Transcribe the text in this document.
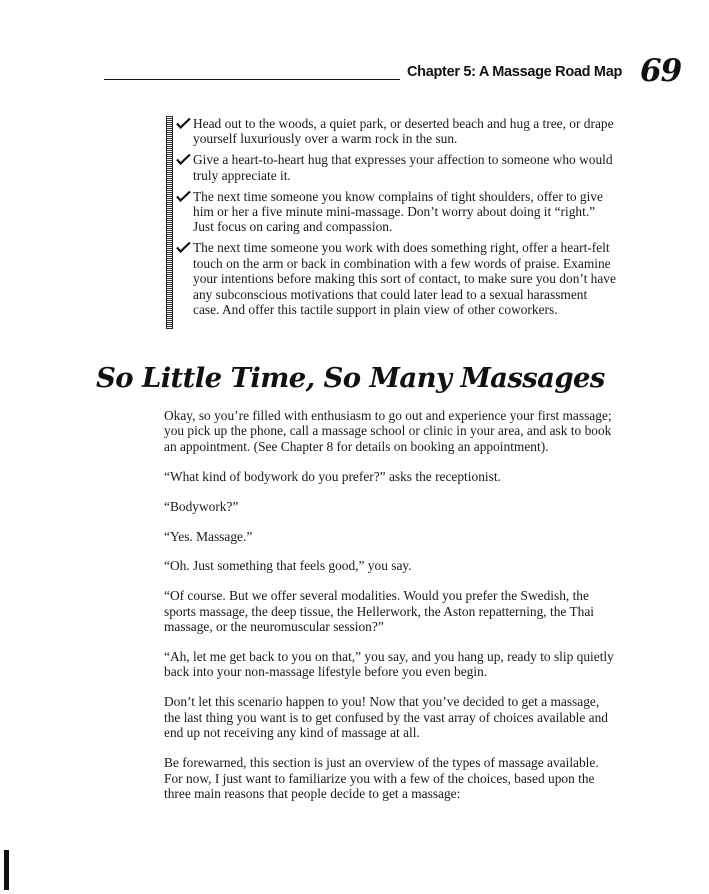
Chapter 5: A Massage Road Map 69
Head out to the woods, a quiet park, or deserted beach and hug a tree, or drape yourself luxuriously over a warm rock in the sun.
Give a heart-to-heart hug that expresses your affection to someone who would truly appreciate it.
The next time someone you know complains of tight shoulders, offer to give him or her a five minute mini-massage. Don’t worry about doing it “right.” Just focus on caring and compassion.
The next time someone you work with does something right, offer a heart-felt touch on the arm or back in combination with a few words of praise. Examine your intentions before making this sort of contact, to make sure you don’t have any subconscious motivations that could later lead to a sexual harassment case. And offer this tactile support in plain view of other coworkers.
So Little Time, So Many Massages

Okay, so you’re filled with enthusiasm to go out and experience your first massage; you pick up the phone, call a massage school or clinic in your area, and ask to book an appointment. (See Chapter 8 for details on booking an appointment).

“What kind of bodywork do you prefer?” asks the receptionist.

“Bodywork?”

“Yes. Massage.”

“Oh. Just something that feels good,” you say.

“Of course. But we offer several modalities. Would you prefer the Swedish, the sports massage, the deep tissue, the Hellerwork, the Aston repatterning, the Thai massage, or the neuromuscular session?”

“Ah, let me get back to you on that,” you say, and you hang up, ready to slip quietly back into your non-massage lifestyle before you even begin.

Don’t let this scenario happen to you! Now that you’ve decided to get a massage, the last thing you want is to get confused by the vast array of choices available and end up not receiving any kind of massage at all.

Be forewarned, this section is just an overview of the types of massage available. For now, I just want to familiarize you with a few of the choices, based upon the three main reasons that people decide to get a massage:
